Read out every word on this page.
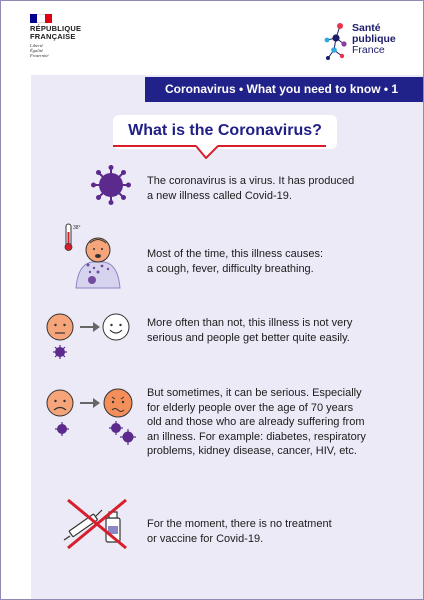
RÉPUBLIQUE
FRANÇAISE
Liberté
Égalité
Fraternité
Santé
publique
France
Coronavirus • What you need to know • 1
What is the Coronavirus?
The coronavirus is a virus. It has produced
a new illness called Covid-19.
38°
Most of the time, this illness causes:
a cough, fever, difficulty breathing.
More often than not, this illness is not very
serious and people get better quite easily.
But sometimes, it can be serious. Especially
for elderly people over the age of 70 years
old and those who are already suffering from
an illness. For example: diabetes, respiratory
problems, kidney disease, cancer, HIV, etc.
For the moment, there is no treatment
or vaccine for Covid-19.
